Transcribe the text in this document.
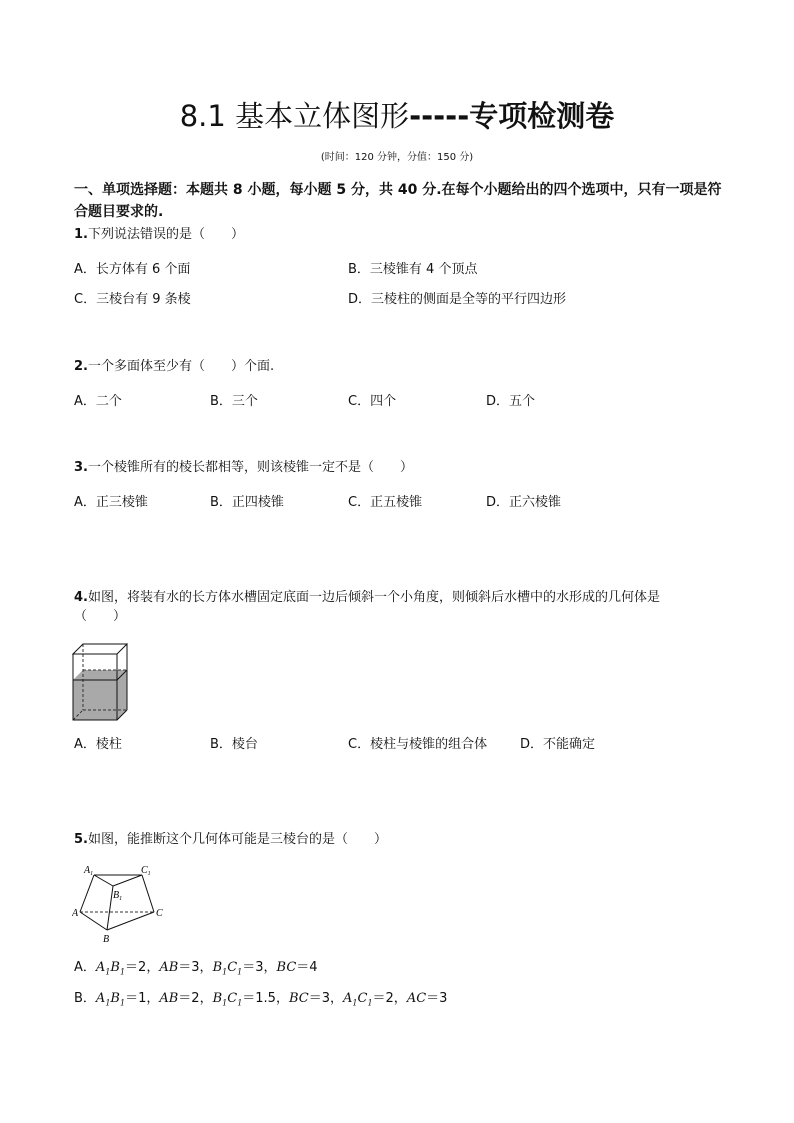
8.1 基本立体图形-----专项检测卷
(时间：120 分钟，分值：150 分)
一、单项选择题：本题共 8 小题，每小题 5 分，共 40 分.在每个小题给出的四个选项中，只有一项是符合题目要求的.
1.下列说法错误的是（　　）
A．长方体有 6 个面	B．三棱锥有 4 个顶点
C．三棱台有 9 条棱	D．三棱柱的侧面是全等的平行四边形
2.一个多面体至少有（　　）个面.
A．二个	B．三个	C．四个	D．五个
3.一个棱锥所有的棱长都相等，则该棱锥一定不是（　　）
A．正三棱锥	B．正四棱锥	C．正五棱锥	D．正六棱锥
4.如图，将装有水的长方体水槽固定底面一边后倾斜一个小角度，则倾斜后水槽中的水形成的几何体是
（　　）
A．棱柱	B．棱台	C．棱柱与棱锥的组合体	D．不能确定
5.如图，能推断这个几何体可能是三棱台的是（　　）
$A_1$	$C_1$
$B_1$
A	C
B
A．$A_1B_1=2$，AB＝3，$B_1C_1=3$，BC＝4
B．$A_1B_1=1$，AB＝2，$B_1C_1=1.5$，BC＝3，$A_1C_1=2$，AC＝3
